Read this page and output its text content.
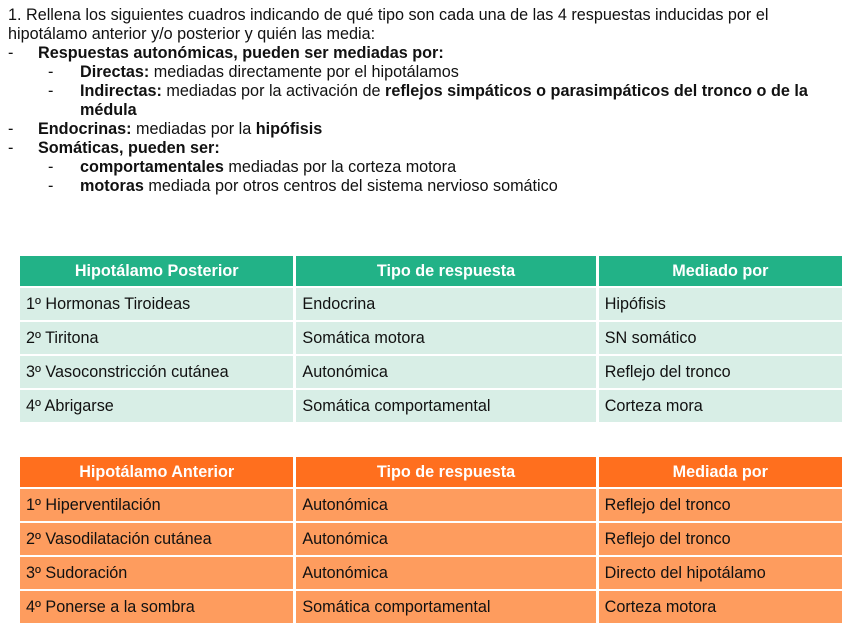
1. Rellena los siguientes cuadros indicando de qué tipo son cada una de las 4 respuestas inducidas por el hipotálamo anterior y/o posterior y quién las media:

- Respuestas autonómicas, pueden ser mediadas por:
- Directas: mediadas directamente por el hipotálamos
- Indirectas: mediadas por la activación de reflejos simpáticos o parasimpáticos del tronco o de la médula
- Endocrinas: mediadas por la hipófisis
- Somáticas, pueden ser:
- comportamentales mediadas por la corteza motora
- motoras mediada por otros centros del sistema nervioso somático
Hipotálamo Posterior	Tipo de respuesta	Mediado por
1º Hormonas Tiroideas	Endocrina	Hipófisis
2º Tiritona	Somática motora	SN somático
3º Vasoconstricción cutánea	Autonómica	Reflejo del tronco
4º Abrigarse	Somática comportamental	Corteza mora
Hipotálamo Anterior	Tipo de respuesta	Mediada por
1º Hiperventilación	Autonómica	Reflejo del tronco
2º Vasodilatación cutánea	Autonómica	Reflejo del tronco
3º Sudoración	Autonómica	Directo del hipotálamo
4º Ponerse a la sombra	Somática comportamental	Corteza motora
